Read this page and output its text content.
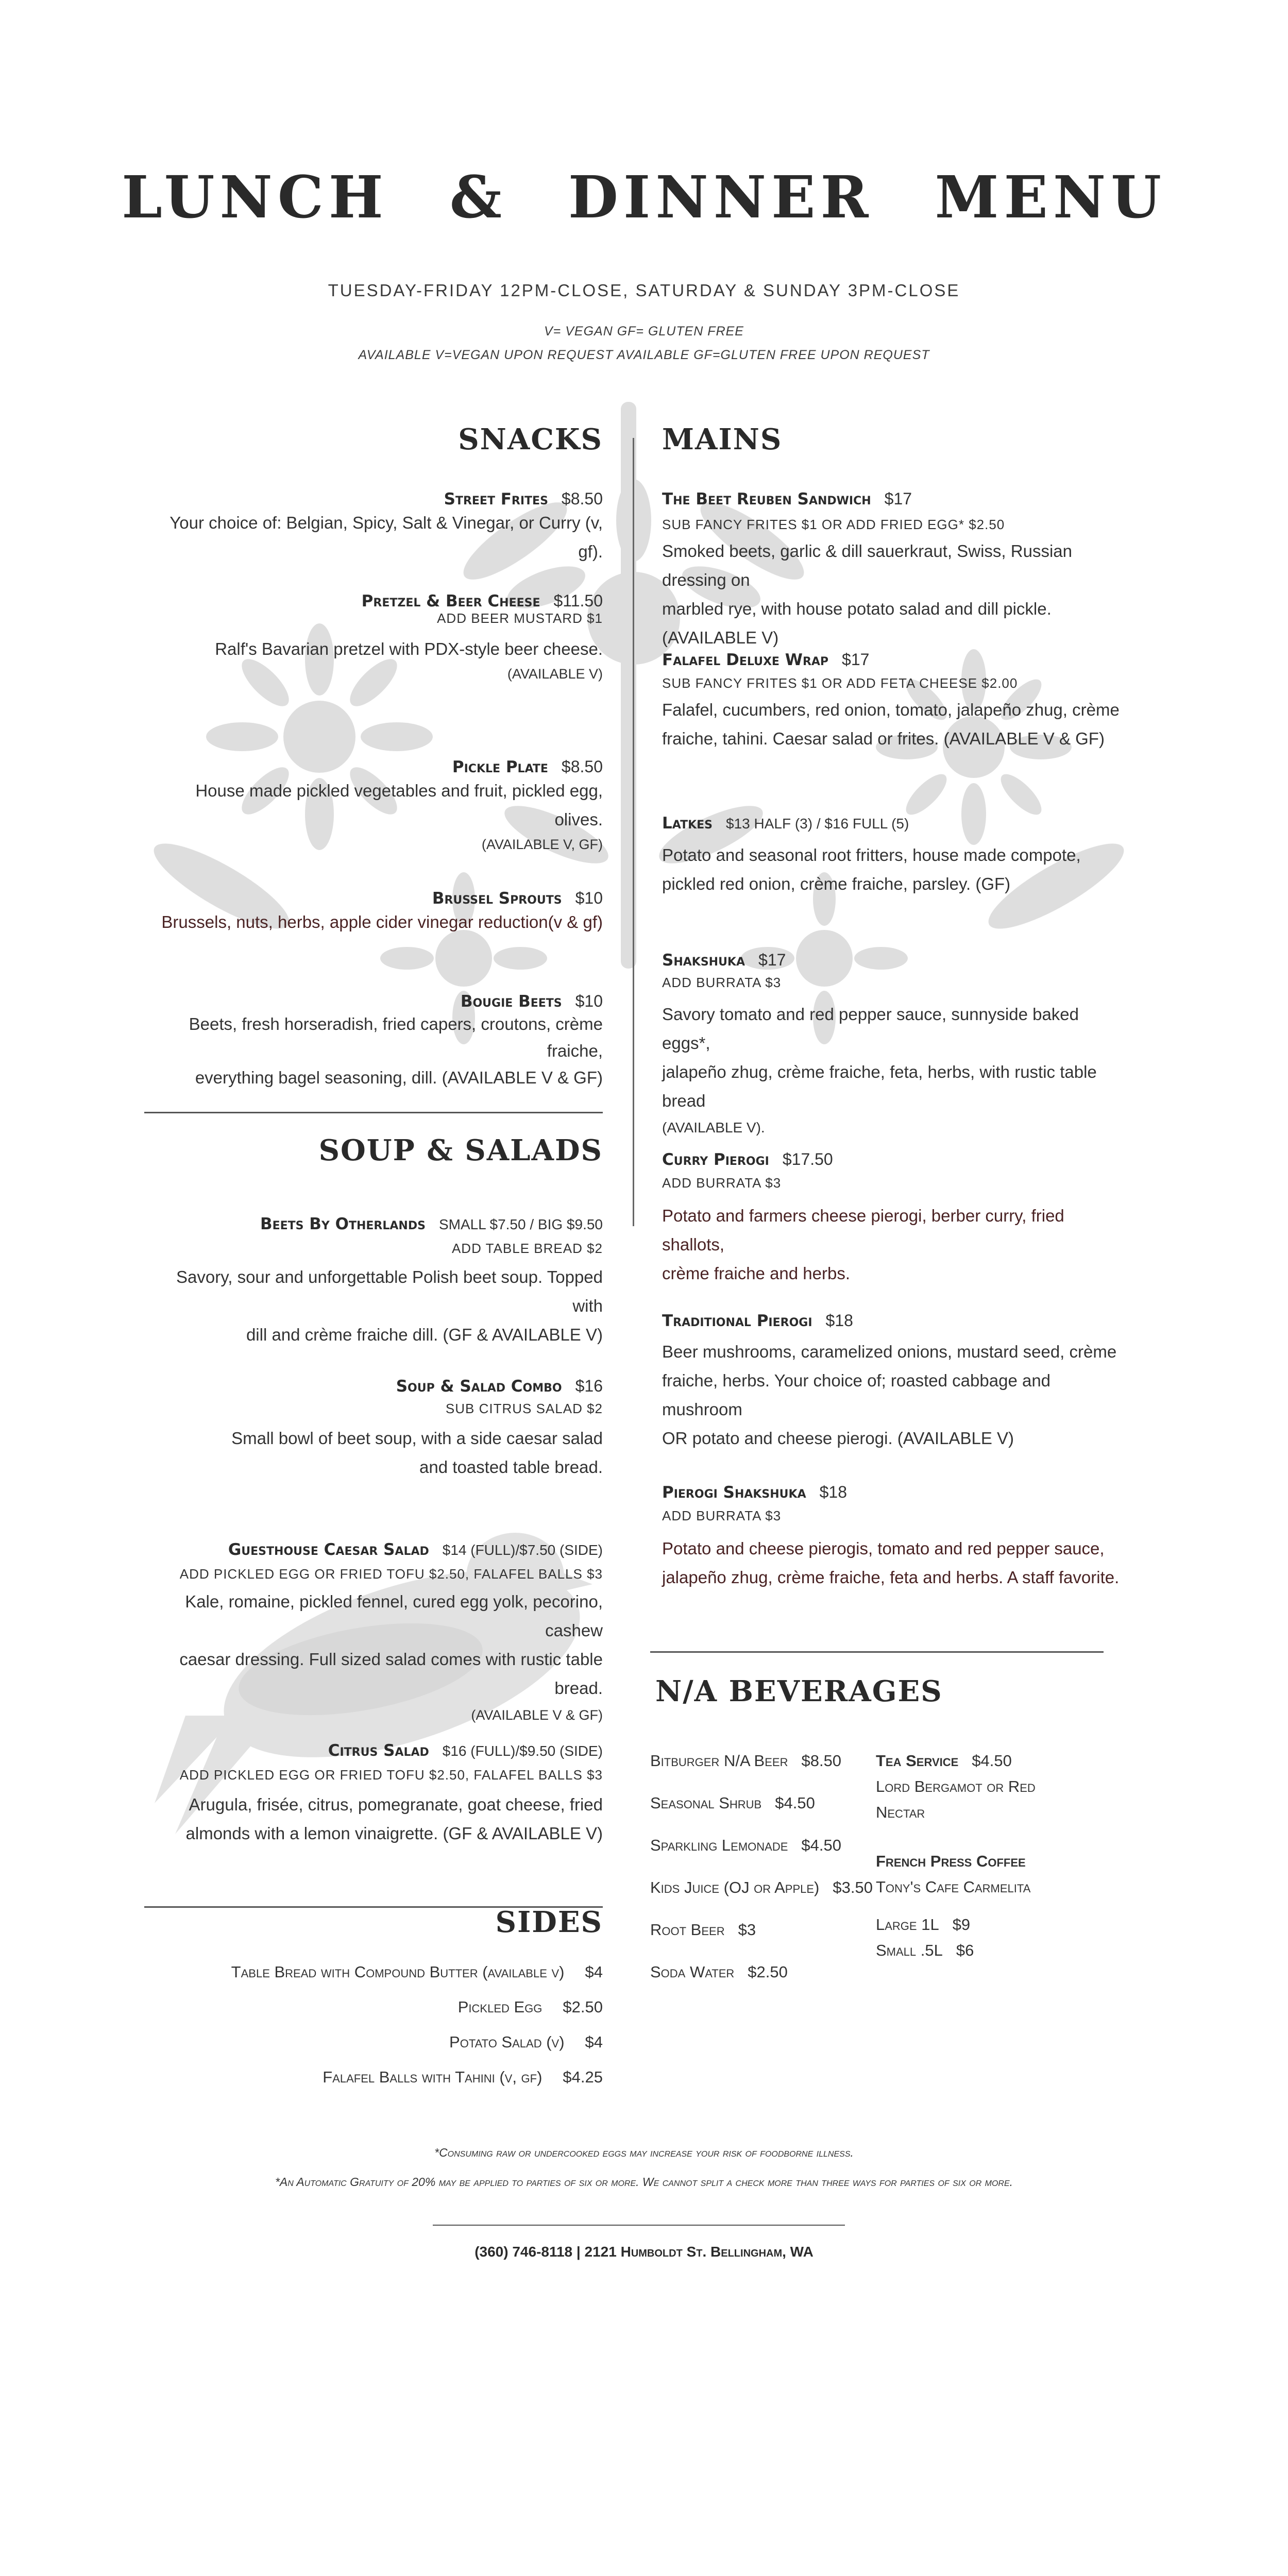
LUNCH & DINNER MENU
TUESDAY-FRIDAY 12PM-CLOSE, SATURDAY & SUNDAY 3PM-CLOSE
V= VEGAN GF= GLUTEN FREE
AVAILABLE V=VEGAN UPON REQUEST AVAILABLE GF=GLUTEN FREE UPON REQUEST
SNACKS
Street Frites $8.50
Your choice of: Belgian, Spicy, Salt & Vinegar, or Curry (v, gf).
Pretzel & Beer Cheese $11.50
ADD BEER MUSTARD $1
Ralf's Bavarian pretzel with PDX-style beer cheese.
(AVAILABLE V)
Pickle Plate $8.50
House made pickled vegetables and fruit, pickled egg, olives.
(AVAILABLE V, GF)
Brussel Sprouts $10
Brussels, nuts, herbs, apple cider vinegar reduction(v & gf)
Bougie Beets $10
Beets, fresh horseradish, fried capers, croutons, crème fraiche,
everything bagel seasoning, dill. (AVAILABLE V & GF)
SOUP & SALADS
Beets By Otherlands SMALL $7.50 / BIG $9.50
ADD TABLE BREAD $2
Savory, sour and unforgettable Polish beet soup. Topped with
dill and crème fraiche dill. (GF & AVAILABLE V)
Soup & Salad Combo $16
SUB CITRUS SALAD $2
Small bowl of beet soup, with a side caesar salad
and toasted table bread.
Guesthouse Caesar Salad $14 (FULL)/$7.50 (SIDE)
ADD PICKLED EGG OR FRIED TOFU $2.50, FALAFEL BALLS $3
Kale, romaine, pickled fennel, cured egg yolk, pecorino, cashew
caesar dressing. Full sized salad comes with rustic table bread.
(AVAILABLE V & GF)
Citrus Salad $16 (FULL)/$9.50 (SIDE)
ADD PICKLED EGG OR FRIED TOFU $2.50, FALAFEL BALLS $3
Arugula, frisée, citrus, pomegranate, goat cheese, fried
almonds with a lemon vinaigrette. (GF & AVAILABLE V)
SIDES
Table Bread with Compound Butter (available v) $4
Pickled Egg $2.50
Potato Salad (v) $4
Falafel Balls with Tahini (v, gf) $4.25
MAINS
The Beet Reuben Sandwich $17
SUB FANCY FRITES $1 OR ADD FRIED EGG* $2.50
Smoked beets, garlic & dill sauerkraut, Swiss, Russian dressing on
marbled rye, with house potato salad and dill pickle. (AVAILABLE V)
Falafel Deluxe Wrap $17
SUB FANCY FRITES $1 OR ADD FETA CHEESE $2.00
Falafel, cucumbers, red onion, tomato, jalapeño zhug, crème
fraiche, tahini. Caesar salad or frites. (AVAILABLE V & GF)
Latkes $13 HALF (3) / $16 FULL (5)
Potato and seasonal root fritters, house made compote,
pickled red onion, crème fraiche, parsley. (GF)
Shakshuka $17
ADD BURRATA $3
Savory tomato and red pepper sauce, sunnyside baked eggs*,
jalapeño zhug, crème fraiche, feta, herbs, with rustic table bread
(AVAILABLE V).
Curry Pierogi $17.50
ADD BURRATA $3
Potato and farmers cheese pierogi, berber curry, fried shallots,
crème fraiche and herbs.
Traditional Pierogi $18
Beer mushrooms, caramelized onions, mustard seed, crème
fraiche, herbs. Your choice of; roasted cabbage and mushroom
OR potato and cheese pierogi. (AVAILABLE V)
Pierogi Shakshuka $18
ADD BURRATA $3
Potato and cheese pierogis, tomato and red pepper sauce,
jalapeño zhug, crème fraiche, feta and herbs. A staff favorite.
N/A BEVERAGES
Bitburger N/A Beer $8.50
Seasonal Shrub $4.50
Sparkling Lemonade $4.50
Kids Juice (OJ or Apple) $3.50
Root Beer $3
Soda Water $2.50
Tea Service $4.50
Lord Bergamot or Red
Nectar
French Press Coffee
Tony's Cafe Carmelita
Large 1L $9
Small .5L $6
*Consuming raw or undercooked eggs may increase your risk of foodborne illness.
*An Automatic Gratuity of 20% may be applied to parties of six or more. We cannot split a check more than three ways for parties of six or more.
(360) 746-8118 | 2121 Humboldt St. Bellingham, WA
